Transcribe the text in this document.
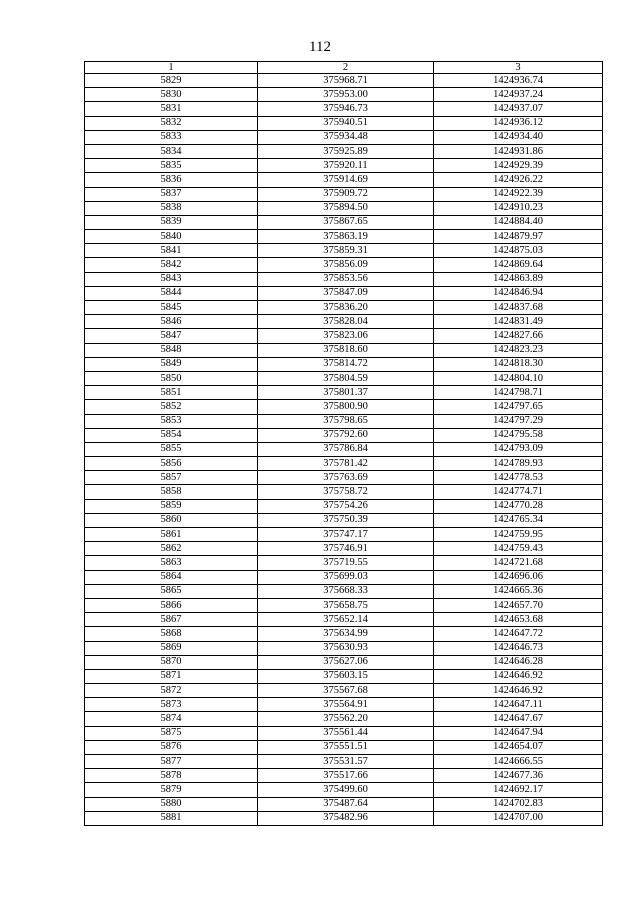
112
1	2	3
5829	375968.71	1424936.74
5830	375953.00	1424937.24
5831	375946.73	1424937.07
5832	375940.51	1424936.12
5833	375934.48	1424934.40
5834	375925.89	1424931.86
5835	375920.11	1424929.39
5836	375914.69	1424926.22
5837	375909.72	1424922.39
5838	375894.50	1424910.23
5839	375867.65	1424884.40
5840	375863.19	1424879.97
5841	375859.31	1424875.03
5842	375856.09	1424869.64
5843	375853.56	1424863.89
5844	375847.09	1424846.94
5845	375836.20	1424837.68
5846	375828.04	1424831.49
5847	375823.06	1424827.66
5848	375818.60	1424823.23
5849	375814.72	1424818.30
5850	375804.59	1424804.10
5851	375801.37	1424798.71
5852	375800.90	1424797.65
5853	375798.65	1424797.29
5854	375792.60	1424795.58
5855	375786.84	1424793.09
5856	375781.42	1424789.93
5857	375763.69	1424778.53
5858	375758.72	1424774.71
5859	375754.26	1424770.28
5860	375750.39	1424765.34
5861	375747.17	1424759.95
5862	375746.91	1424759.43
5863	375719.55	1424721.68
5864	375699.03	1424696.06
5865	375668.33	1424665.36
5866	375658.75	1424657.70
5867	375652.14	1424653.68
5868	375634.99	1424647.72
5869	375630.93	1424646.73
5870	375627.06	1424646.28
5871	375603.15	1424646.92
5872	375567.68	1424646.92
5873	375564.91	1424647.11
5874	375562.20	1424647.67
5875	375561.44	1424647.94
5876	375551.51	1424654.07
5877	375531.57	1424666.55
5878	375517.66	1424677.36
5879	375499.60	1424692.17
5880	375487.64	1424702.83
5881	375482.96	1424707.00
